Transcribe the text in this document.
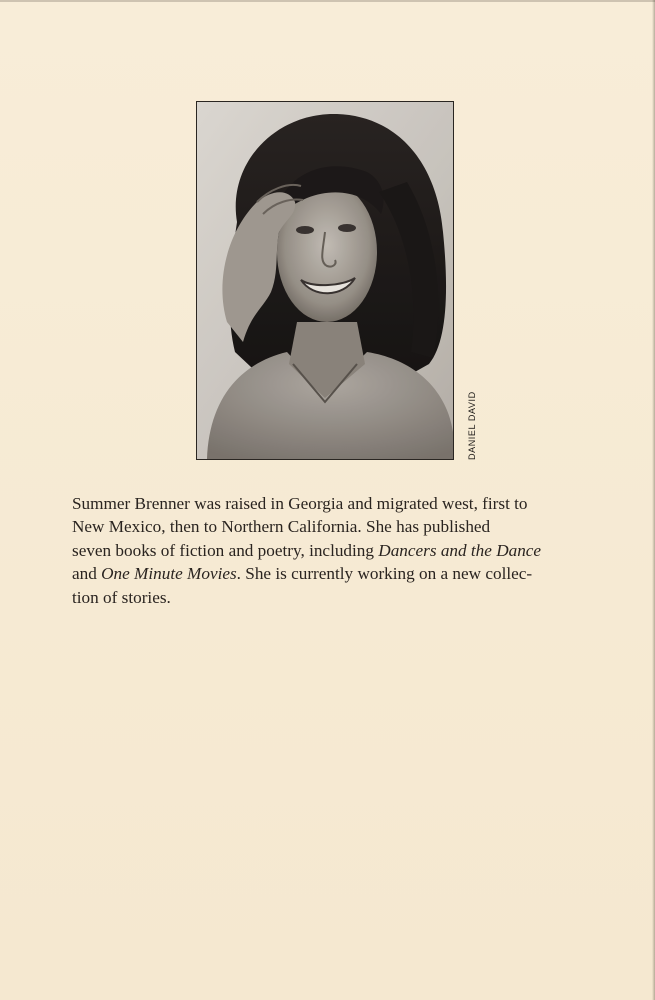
DANIEL DAVID

Summer Brenner was raised in Georgia and migrated west, first to
New Mexico, then to Northern California. She has published
seven books of fiction and poetry, including Dancers and the Dance
and One Minute Movies. She is currently working on a new collec-
tion of stories.
